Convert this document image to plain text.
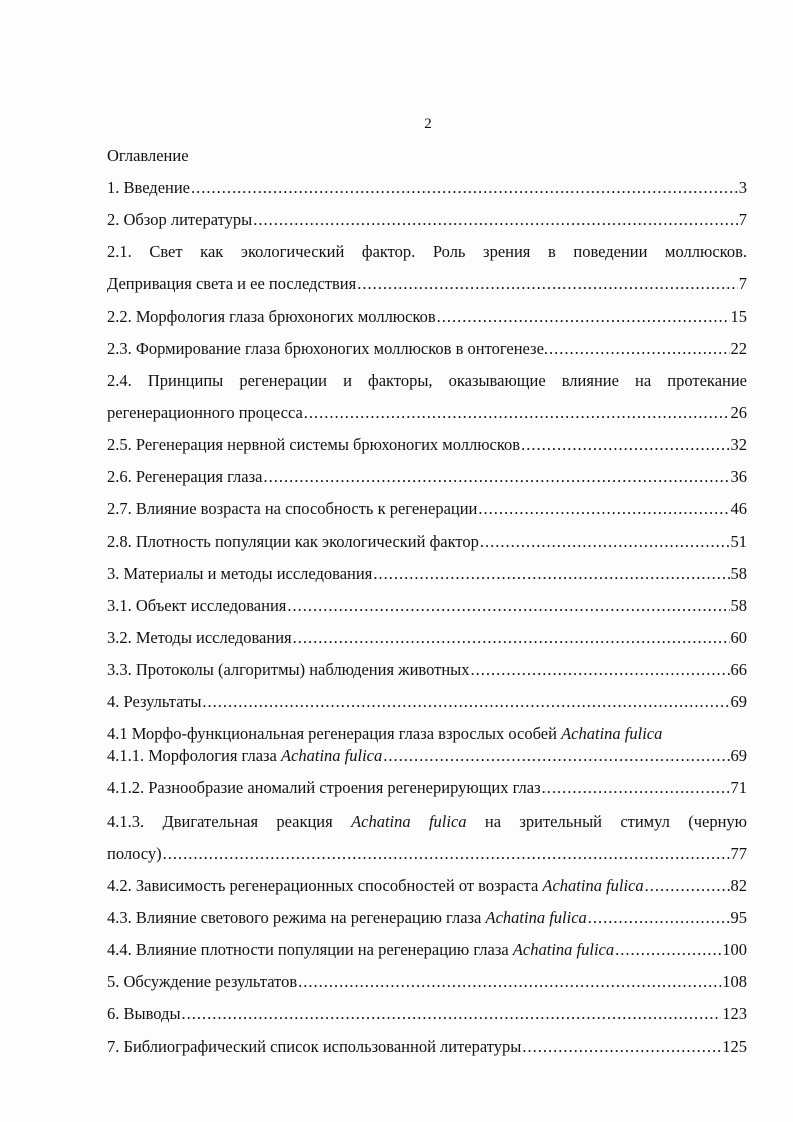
2
Оглавление
1. Введение .....	3
2. Обзор литературы .....	7
2.1. Свет как экологический фактор. Роль зрения в поведении моллюсков.
Депривация света и ее последствия .....	7
2.2. Морфология глаза брюхоногих моллюсков .....	15
2.3. Формирование глаза брюхоногих моллюсков в онтогенезе. .....	22
2.4. Принципы регенерации и факторы, оказывающие влияние на протекание
регенерационного процесса .....	26
2.5. Регенерация нервной системы брюхоногих моллюсков .....	32
2.6. Регенерация глаза .....	36
2.7. Влияние возраста на способность к регенерации .....	46
2.8. Плотность популяции как экологический фактор .....	51
3. Материалы и методы исследования .....	58
3.1. Объект исследования .....	58
3.2. Методы исследования .....	60
3.3. Протоколы (алгоритмы) наблюдения животных .....	66
4. Результаты .....	69
4.1 Морфо-функциональная регенерация глаза взрослых особей Achatina fulica
4.1.1. Морфология глаза Achatina fulica .....	69
4.1.2. Разнообразие аномалий строения регенерирующих глаз .....	71
4.1.3. Двигательная реакция Achatina fulica на зрительный стимул (черную
полосу) .....	77
4.2. Зависимость регенерационных способностей от возраста Achatina fulica .....	82
4.3. Влияние светового режима на регенерацию глаза Achatina fulica .....	95
4.4. Влияние плотности популяции на регенерацию глаза Achatina fulica .....	100
5. Обсуждение результатов .....	108
6. Выводы .....	123
7. Библиографический список использованной литературы .....	125
